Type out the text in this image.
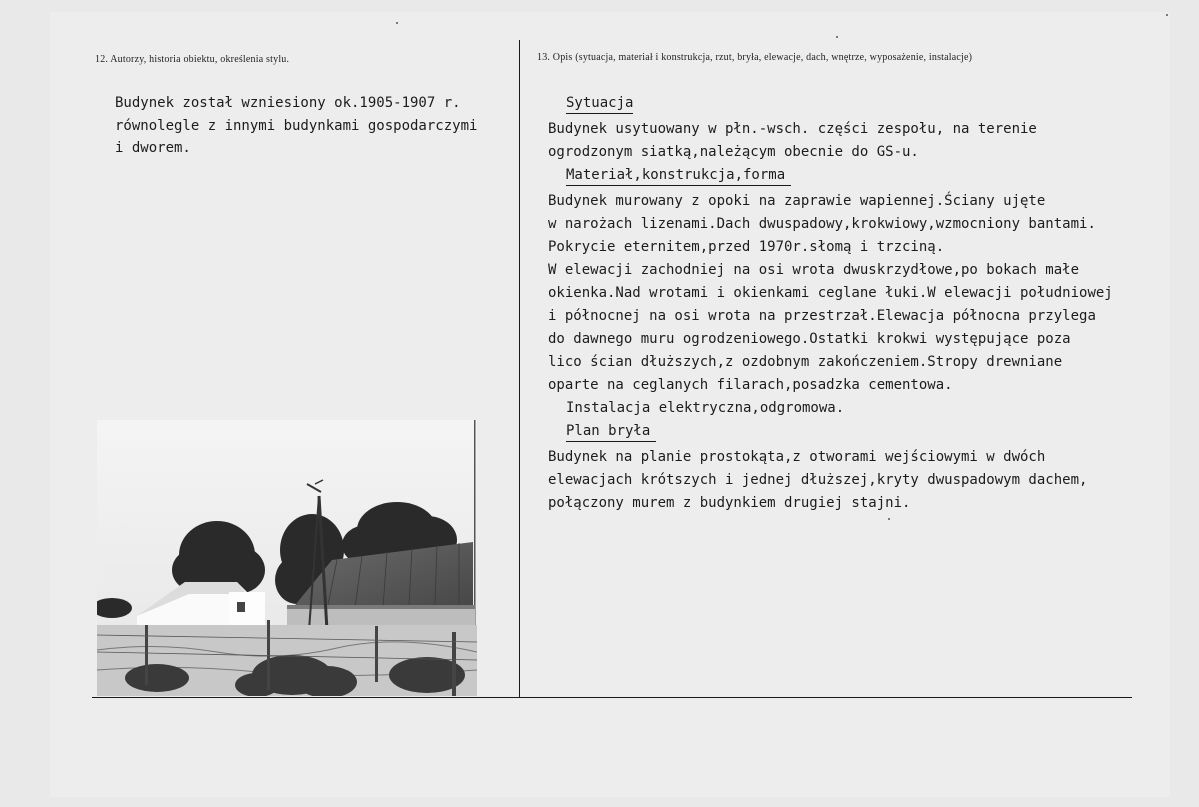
12. Autorzy, historia obiektu, określenia stylu.	13. Opis (sytuacja, materiał i konstrukcja, rzut, bryła, elewacje, dach, wnętrze, wyposażenie, instalacje)
Budynek został wzniesiony ok.1905-1907 r.
równolegle z innymi budynkami gospodarczymi
i dworem.
Sytuacja
Budynek usytuowany w płn.-wsch. części zespołu, na terenie
ogrodzonym siatką,należącym obecnie do GS-u.
Materiał,konstrukcja,forma
Budynek murowany z opoki na zaprawie wapiennej.Ściany ujęte
w narożach lizenami.Dach dwuspadowy,krokwiowy,wzmocniony bantami.
Pokrycie eternitem,przed 1970r.słomą i trzciną.
W elewacji zachodniej na osi wrota dwuskrzydłowe,po bokach małe
okienka.Nad wrotami i okienkami ceglane łuki.W elewacji południowej
i północnej na osi wrota na przestrzał.Elewacja północna przylega
do dawnego muru ogrodzeniowego.Ostatki krokwi występujące poza
lico ścian dłuższych,z ozdobnym zakończeniem.Stropy drewniane
oparte na ceglanych filarach,posadzka cementowa.
Instalacja elektryczna,odgromowa.
Plan bryła
Budynek na planie prostokąta,z otworami wejściowymi w dwóch
elewacjach krótszych i jednej dłuższej,kryty dwuspadowym dachem,
połączony murem z budynkiem drugiej stajni.
